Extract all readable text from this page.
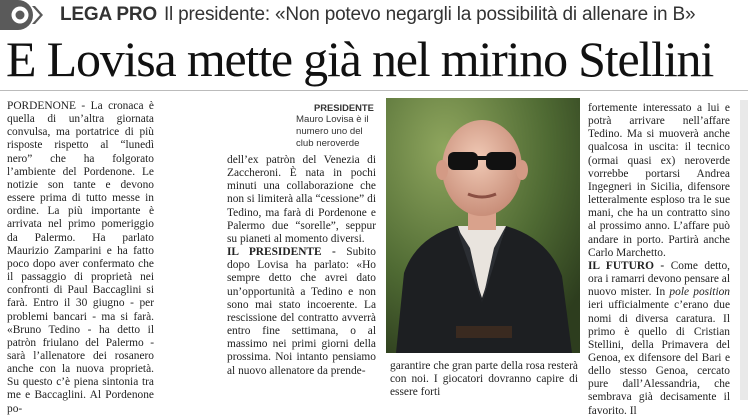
LEGA PRO Il presidente: «Non potevo negargli la possibilità di allenare in B»
E Lovisa mette già nel mirino Stellini

PORDENONE - La cronaca è quella di un’altra giornata convulsa, ma portatrice di più risposte rispetto al “lunedì nero” che ha folgorato l’ambiente del Pordenone. Le notizie son tante e devono essere prima di tutto messe in ordine. La più importante è arrivata nel primo pomeriggio da Palermo. Ha parlato Maurizio Zamparini e ha fatto poco dopo aver confermato che il passaggio di proprietà nei confronti di Paul Baccaglini si farà. Entro il 30 giugno - per problemi bancari - ma si farà. «Bruno Tedino - ha detto il patròn friulano del Palermo - sarà l’allenatore dei rosanero anche con la nuova proprietà. Su questo c’è piena sintonia tra me e Baccaglini. Al Pordenone po-

PRESIDENTE
Mauro Lovisa è il numero uno del club neroverde

dell’ex patròn del Venezia di Zaccheroni. È nata in pochi minuti una collaborazione che non si limiterà alla “cessione” di Tedino, ma farà di Pordenone e Palermo due “sorelle”, seppur su pianeti al momento diversi.

IL PRESIDENTE - Subito dopo Lovisa ha parlato: «Ho sempre detto che avrei dato un’opportunità a Tedino e non sono mai stato incoerente. La rescissione del contratto avverrà entro fine settimana, o al massimo nei primi giorni della prossima. Noi intanto pensiamo al nuovo allenatore da prende-	garantire che gran parte della rosa resterà con noi. I giocatori dovranno capire di essere forti

fortemente interessato a lui e potrà arrivare nell’affare Tedino. Ma si muoverà anche qualcosa in uscita: il tecnico (ormai quasi ex) neroverde vorrebbe portarsi Andrea Ingegneri in Sicilia, difensore letteralmente esploso tra le sue mani, che ha un contratto sino al prossimo anno. L’affare può andare in porto. Partirà anche Carlo Marchetto.

IL FUTURO - Come detto, ora i ramarri devono pensare al nuovo mister. In pole position ieri ufficialmente c’erano due nomi di diversa caratura. Il primo è quello di Cristian Stellini, della Primavera del Genoa, ex difensore del Bari e dello stesso Genoa, cercato pure dall’Alessandria, che sembrava già decisamente il favorito. Il
